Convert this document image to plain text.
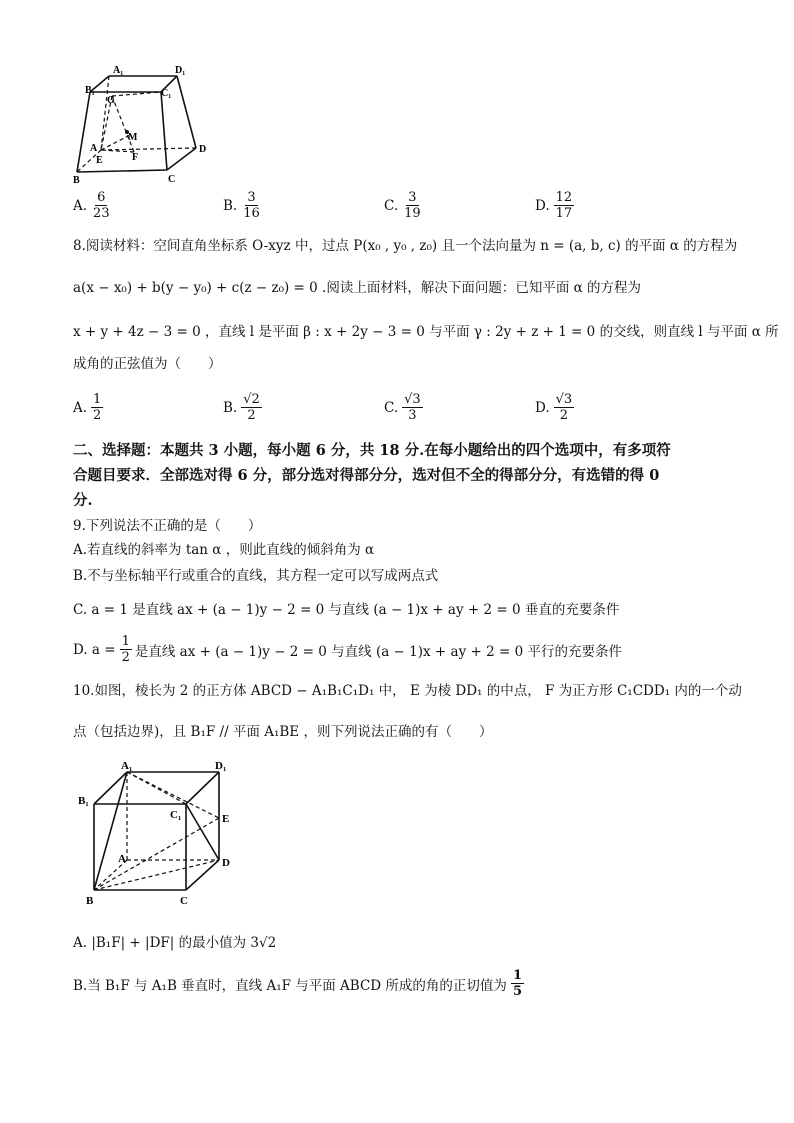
A₁	D₁
B₁	C₁
G
M
A
E	F
D
B	C
A. $\frac{6}{23}$	B. $\frac{3}{16}$	C. $\frac{3}{19}$	D. $\frac{12}{17}$
8.阅读材料：空间直角坐标系 O-xyz 中，过点 P(x₀ , y₀ , z₀) 且一个法向量为 n = (a, b, c) 的平面 α 的方程为
a(x − x₀) + b(y − y₀) + c(z − z₀) = 0 .阅读上面材料，解决下面问题：已知平面 α 的方程为
x + y + 4z − 3 = 0 ，直线 l 是平面 β : x + 2y − 3 = 0 与平面 γ : 2y + z + 1 = 0 的交线，则直线 l 与平面 α 所
成角的正弦值为（　　）
A. $\frac{1}{2}$	B. $\frac{√2}{2}$	C. $\frac{√3}{3}$	D. $\frac{√3}{2}$
二、选择题：本题共 3 小题，每小题 6 分，共 18 分.在每小题给出的四个选项中，有多项符
合题目要求．全部选对得 6 分，部分选对得部分分，选对但不全的得部分分，有选错的得 0
分.
9.下列说法不正确的是（　　）
A.若直线的斜率为 tan α ，则此直线的倾斜角为 α
B.不与坐标轴平行或重合的直线，其方程一定可以写成两点式
C. a = 1 是直线 ax + (a − 1)y − 2 = 0 与直线 (a − 1)x + ay + 2 = 0 垂直的充要条件
D. $a = \frac{1}{2}$ 是直线 ax + (a − 1)y − 2 = 0 与直线 (a − 1)x + ay + 2 = 0 平行的充要条件
10.如图，棱长为 2 的正方体 ABCD − A₁B₁C₁D₁ 中， E 为棱 DD₁ 的中点， F 为正方形 C₁CDD₁ 内的一个动
点（包括边界)，且 B₁F // 平面 A₁BE ，则下列说法正确的有（　　）
A₁	D₁
B₁
C₁	E
A	D
B	C
A. |B₁F| + |DF| 的最小值为 3√2
B.当 B₁F 与 A₁B 垂直时，直线 A₁F 与平面 ABCD 所成的角的正切值为 $\frac{1}{5}$
